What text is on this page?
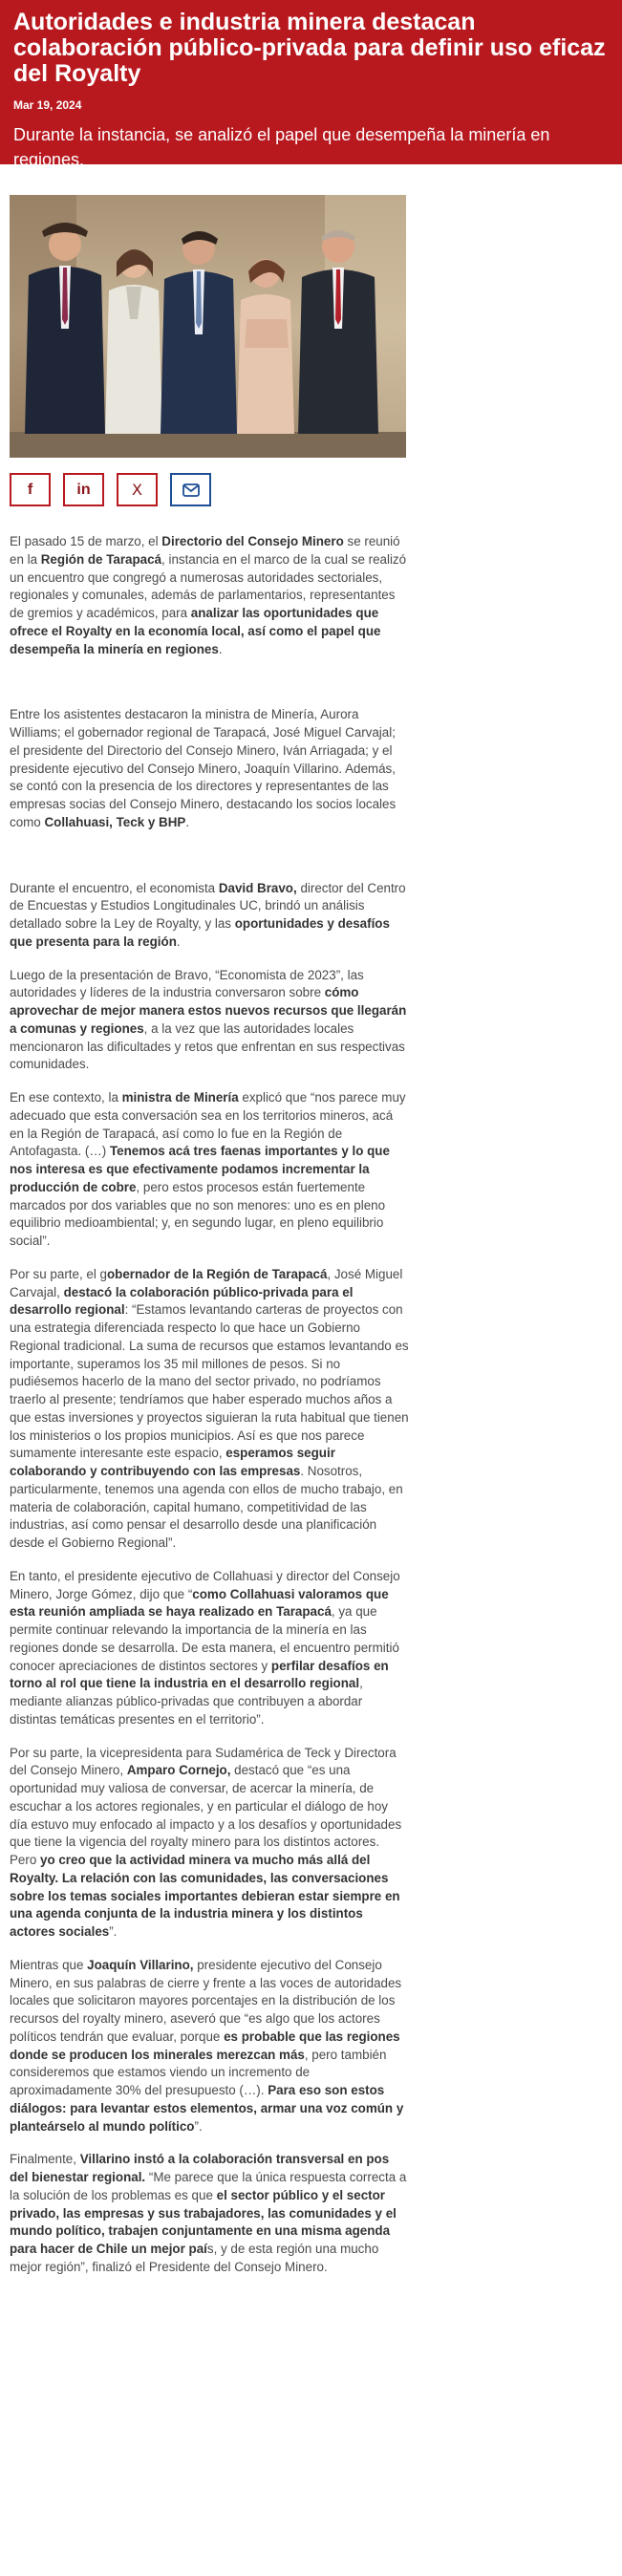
Autoridades e industria minera destacan colaboración público-privada para definir uso eficaz del Royalty
Mar 19, 2024
Durante la instancia, se analizó el papel que desempeña la minería en regiones.
f	in	X

El pasado 15 de marzo, el Directorio del Consejo Minero se reunió en la Región de Tarapacá, instancia en el marco de la cual se realizó un encuentro que congregó a numerosas autoridades sectoriales, regionales y comunales, además de parlamentarios, representantes de gremios y académicos, para analizar las oportunidades que ofrece el Royalty en la economía local, así como el papel que desempeña la minería en regiones.

Entre los asistentes destacaron la ministra de Minería, Aurora Williams; el gobernador regional de Tarapacá, José Miguel Carvajal; el presidente del Directorio del Consejo Minero, Iván Arriagada; y el presidente ejecutivo del Consejo Minero, Joaquín Villarino. Además, se contó con la presencia de los directores y representantes de las empresas socias del Consejo Minero, destacando los socios locales como Collahuasi, Teck y BHP.

Durante el encuentro, el economista David Bravo, director del Centro de Encuestas y Estudios Longitudinales UC, brindó un análisis detallado sobre la Ley de Royalty, y las oportunidades y desafíos que presenta para la región.

Luego de la presentación de Bravo, “Economista de 2023”, las autoridades y líderes de la industria conversaron sobre cómo aprovechar de mejor manera estos nuevos recursos que llegarán a comunas y regiones, a la vez que las autoridades locales mencionaron las dificultades y retos que enfrentan en sus respectivas comunidades.

En ese contexto, la ministra de Minería explicó que “nos parece muy adecuado que esta conversación sea en los territorios mineros, acá en la Región de Tarapacá, así como lo fue en la Región de Antofagasta. (…) Tenemos acá tres faenas importantes y lo que nos interesa es que efectivamente podamos incrementar la producción de cobre, pero estos procesos están fuertemente marcados por dos variables que no son menores: uno es en pleno equilibrio medioambiental; y, en segundo lugar, en pleno equilibrio social”.

Por su parte, el gobernador de la Región de Tarapacá, José Miguel Carvajal, destacó la colaboración público-privada para el desarrollo regional: “Estamos levantando carteras de proyectos con una estrategia diferenciada respecto lo que hace un Gobierno Regional tradicional. La suma de recursos que estamos levantando es importante, superamos los 35 mil millones de pesos. Si no pudiésemos hacerlo de la mano del sector privado, no podríamos traerlo al presente; tendríamos que haber esperado muchos años a que estas inversiones y proyectos siguieran la ruta habitual que tienen los ministerios o los propios municipios. Así es que nos parece sumamente interesante este espacio, esperamos seguir colaborando y contribuyendo con las empresas. Nosotros, particularmente, tenemos una agenda con ellos de mucho trabajo, en materia de colaboración, capital humano, competitividad de las industrias, así como pensar el desarrollo desde una planificación desde el Gobierno Regional”.

En tanto, el presidente ejecutivo de Collahuasi y director del Consejo Minero, Jorge Gómez, dijo que “como Collahuasi valoramos que esta reunión ampliada se haya realizado en Tarapacá, ya que permite continuar relevando la importancia de la minería en las regiones donde se desarrolla. De esta manera, el encuentro permitió conocer apreciaciones de distintos sectores y perfilar desafíos en torno al rol que tiene la industria en el desarrollo regional, mediante alianzas público-privadas que contribuyen a abordar distintas temáticas presentes en el territorio”.

Por su parte, la vicepresidenta para Sudamérica de Teck y Directora del Consejo Minero, Amparo Cornejo, destacó que “es una oportunidad muy valiosa de conversar, de acercar la minería, de escuchar a los actores regionales, y en particular el diálogo de hoy día estuvo muy enfocado al impacto y a los desafíos y oportunidades que tiene la vigencia del royalty minero para los distintos actores. Pero yo creo que la actividad minera va mucho más allá del Royalty. La relación con las comunidades, las conversaciones sobre los temas sociales importantes debieran estar siempre en una agenda conjunta de la industria minera y los distintos actores sociales”.

Mientras que Joaquín Villarino, presidente ejecutivo del Consejo Minero, en sus palabras de cierre y frente a las voces de autoridades locales que solicitaron mayores porcentajes en la distribución de los recursos del royalty minero, aseveró que “es algo que los actores políticos tendrán que evaluar, porque es probable que las regiones donde se producen los minerales merezcan más, pero también consideremos que estamos viendo un incremento de aproximadamente 30% del presupuesto (…). Para eso son estos diálogos: para levantar estos elementos, armar una voz común y planteárselo al mundo político”.

Finalmente, Villarino instó a la colaboración transversal en pos del bienestar regional. “Me parece que la única respuesta correcta a la solución de los problemas es que el sector público y el sector privado, las empresas y sus trabajadores, las comunidades y el mundo político, trabajen conjuntamente en una misma agenda para hacer de Chile un mejor país, y de esta región una mucho mejor región”, finalizó el Presidente del Consejo Minero.
